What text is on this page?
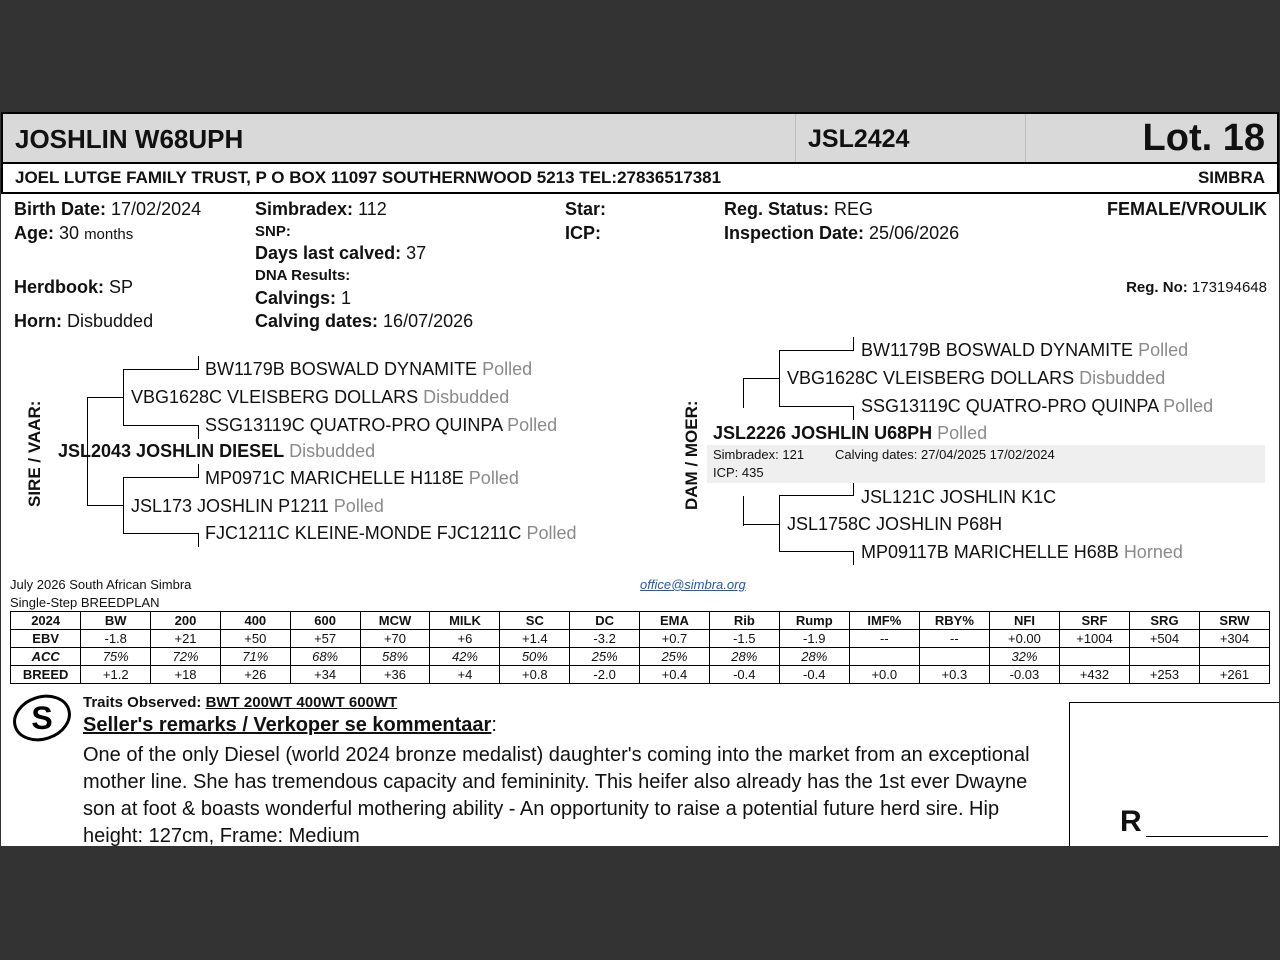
JOSHLIN W68UPH	JSL2424	Lot. 18
JOEL LUTGE FAMILY TRUST, P O BOX 11097 SOUTHERNWOOD 5213 TEL:27836517381	SIMBRA
Birth Date: 17/02/2024
Age: 30 months
Herdbook: SP
Horn: Disbudded
Simbradex: 112
SNP:
Days last calved: 37
DNA Results:
Calvings: 1
Calving dates: 16/07/2026
Star:
ICP:
Reg. Status: REG
Inspection Date: 25/06/2026
FEMALE/VROULIK
Reg. No: 173194648
SIRE / VAAR:
BW1179B BOSWALD DYNAMITE Polled
VBG1628C VLEISBERG DOLLARS Disbudded
SSG13119C QUATRO-PRO QUINPA Polled
JSL2043 JOSHLIN DIESEL Disbudded
MP0971C MARICHELLE H118E Polled
JSL173 JOSHLIN P1211 Polled
FJC1211C KLEINE-MONDE FJC1211C Polled
DAM / MOER:
BW1179B BOSWALD DYNAMITE Polled
VBG1628C VLEISBERG DOLLARS Disbudded
SSG13119C QUATRO-PRO QUINPA Polled
JSL2226 JOSHLIN U68PH Polled
Simbradex: 121 Calving dates: 27/04/2025 17/02/2024
ICP: 435
JSL121C JOSHLIN K1C
JSL1758C JOSHLIN P68H
MP09117B MARICHELLE H68B Horned
July 2026 South African Simbra
Single-Step BREEDPLAN
office@simbra.org
2024	BW	200	400	600	MCW	MILK	SC	DC	EMA	Rib	Rump	IMF%	RBY%	NFI	SRF	SRG	SRW
EBV	-1.8	+21	+50	+57	+70	+6	+1.4	-3.2	+0.7	-1.5	-1.9	--	--	+0.00	+1004	+504	+304
ACC	75%	72%	71%	68%	58%	42%	50%	25%	25%	28%	28%			32%			
BREED	+1.2	+18	+26	+34	+36	+4	+0.8	-2.0	+0.4	-0.4	-0.4	+0.0	+0.3	-0.03	+432	+253	+261
S Traits Observed: BWT 200WT 400WT 600WT
Seller's remarks / Verkoper se kommentaar:
One of the only Diesel (world 2024 bronze medalist) daughter's coming into the market from an exceptional mother line. She has tremendous capacity and femininity. This heifer also already has the 1st ever Dwayne son at foot & boasts wonderful mothering ability - An opportunity to raise a potential future herd sire. Hip height: 127cm, Frame: Medium	R
